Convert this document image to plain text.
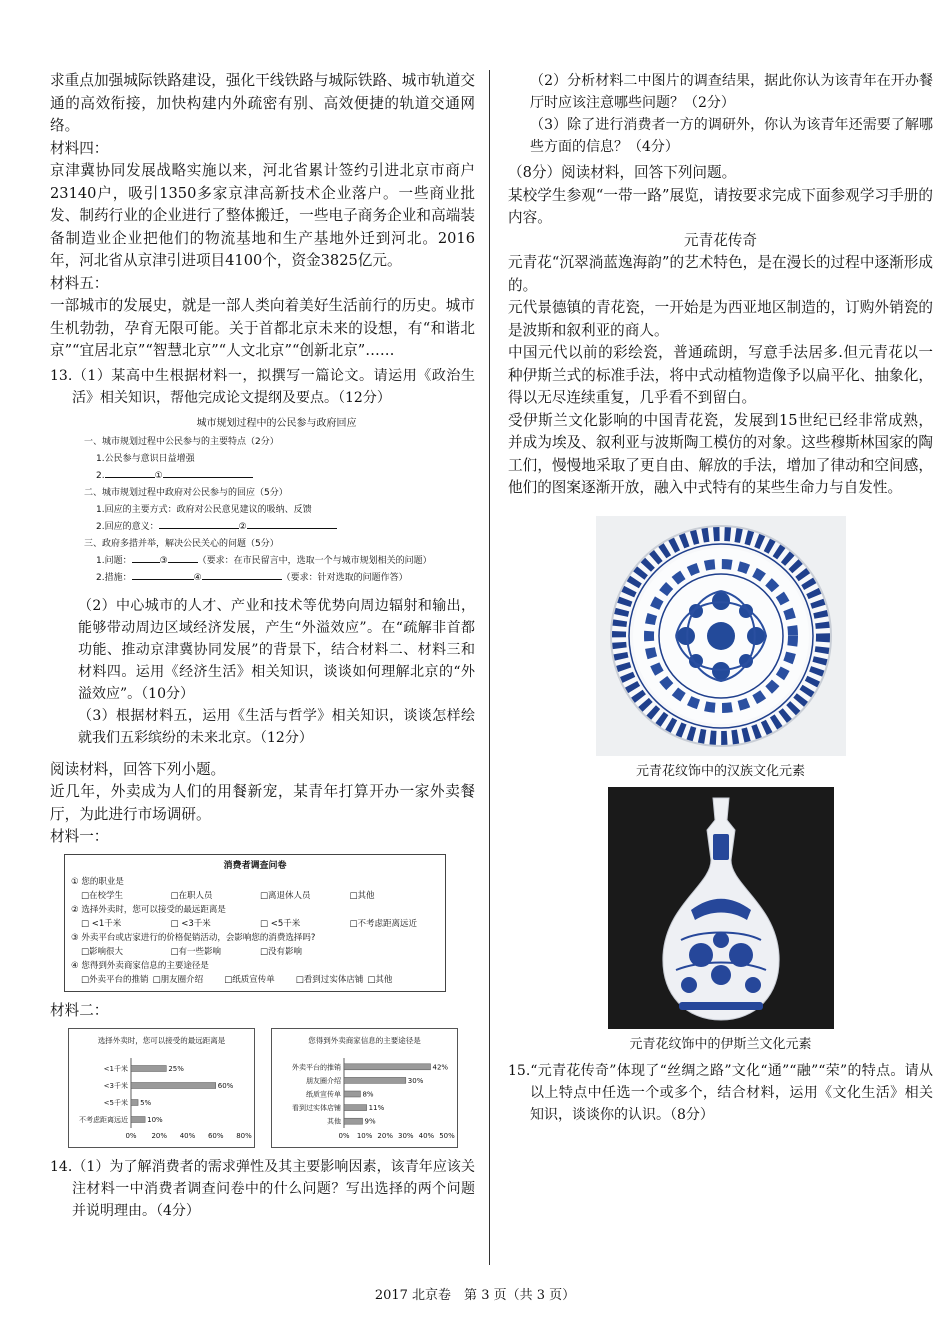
求重点加强城际铁路建设，强化干线铁路与城际铁路、城市轨道交通的高效衔接，加快构建内外疏密有别、高效便捷的轨道交通网络。

材料四：

京津冀协同发展战略实施以来，河北省累计签约引进北京市商户23140户，吸引1350多家京津高新技术企业落户。一些商业批发、制药行业的企业进行了整体搬迁，一些电子商务企业和高端装备制造业企业把他们的物流基地和生产基地外迁到河北。2016年，河北省从京津引进项目4100个，资金3825亿元。

材料五：

一部城市的发展史，就是一部人类向着美好生活前行的历史。城市生机勃勃，孕育无限可能。关于首都北京未来的设想，有“和谐北京”“宜居北京”“智慧北京”“人文北京”“创新北京”……

13.（1）某高中生根据材料一，拟撰写一篇论文。请运用《政治生活》相关知识，帮他完成论文提纲及要点。（12分）

城市规划过程中的公民参与政府回应
一、城市规划过程中公民参与的主要特点（2分）
1.公民参与意识日益增强
2.	①
二、城市规划过程中政府对公民参与的回应（5分）
1.回应的主要方式：政府对公民意见建议的吸纳、反馈
2.回应的意义：	②
三、政府多措并举，解决公民关心的问题（5分）
1.问题：	③	（要求：在市民留言中，选取一个与城市规划相关的问题）
2.措施：	④	（要求：针对选取的问题作答）

（2）中心城市的人才、产业和技术等优势向周边辐射和输出，能够带动周边区域经济发展，产生“外溢效应”。在“疏解非首都功能、推动京津冀协同发展”的背景下，结合材料二、材料三和材料四。运用《经济生活》相关知识，谈谈如何理解北京的“外溢效应”。（10分）

（3）根据材料五，运用《生活与哲学》相关知识，谈谈怎样绘就我们五彩缤纷的未来北京。（12分）

阅读材料，回答下列小题。

近几年，外卖成为人们的用餐新宠，某青年打算开办一家外卖餐厅，为此进行市场调研。

材料一：

消费者调查问卷
① 您的职业是
□在校学生	□在职人员	□离退休人员	□其他
② 选择外卖时，您可以接受的最远距离是
□ <1千米	□ <3千米	□ <5千米	□不考虑距离远近
③ 外卖平台或店家进行的价格促销活动，会影响您的消费选择吗?
□影响很大	□有一些影响	□没有影响
④ 您得到外卖商家信息的主要途径是
□外卖平台的推销 □朋友圈介绍	□纸质宣传单	□看到过实体店铺 □其他

材料二：

选择外卖时，您可以接受的最远距离是
<1千米	25%
<3千米	60%
<5千米 5%
不考虑距离远近	10%
0% 20% 40% 60% 80%
您得到外卖商家信息的主要途径是
外卖平台的推销	42%
朋友圈介绍	30%
纸质宣传单	8%
看到过实体店铺	11%
其他	9%
0% 10% 20% 30% 40% 50%

14.（1）为了解消费者的需求弹性及其主要影响因素，该青年应该关注材料一中消费者调查问卷中的什么问题？写出选择的两个问题并说明理由。（4分）

（2）分析材料二中图片的调查结果，据此你认为该青年在开办餐厅时应该注意哪些问题？（2分）

（3）除了进行消费者一方的调研外，你认为该青年还需要了解哪些方面的信息？（4分）

（8分）阅读材料，回答下列问题。

某校学生参观“一带一路”展览，请按要求完成下面参观学习手册的内容。

元青花传奇

元青花“沉翠淌蓝逸海韵”的艺术特色，是在漫长的过程中逐渐形成的。

元代景德镇的青花瓷，一开始是为西亚地区制造的，订购外销瓷的是波斯和叙利亚的商人。

中国元代以前的彩绘瓷，普通疏朗，写意手法居多.但元青花以一种伊斯兰式的标准手法，将中式动植物造像予以扁平化、抽象化，得以无尽连续重复，几乎看不到留白。

受伊斯兰文化影响的中国青花瓷，发展到15世纪已经非常成熟，并成为埃及、叙利亚与波斯陶工模仿的对象。这些穆斯林国家的陶工们，慢慢地采取了更自由、解放的手法，增加了律动和空间感，他们的图案逐渐开放，融入中式特有的某些生命力与自发性。

元青花纹饰中的汉族文化元素
元青花纹饰中的伊斯兰文化元素

15.“元青花传奇”体现了“丝绸之路”文化“通”“融”“荣”的特点。请从以上特点中任选一个或多个，结合材料，运用《文化生活》相关知识，谈谈你的认识。（8分）

2017 北京卷　第 3 页（共 3 页）
